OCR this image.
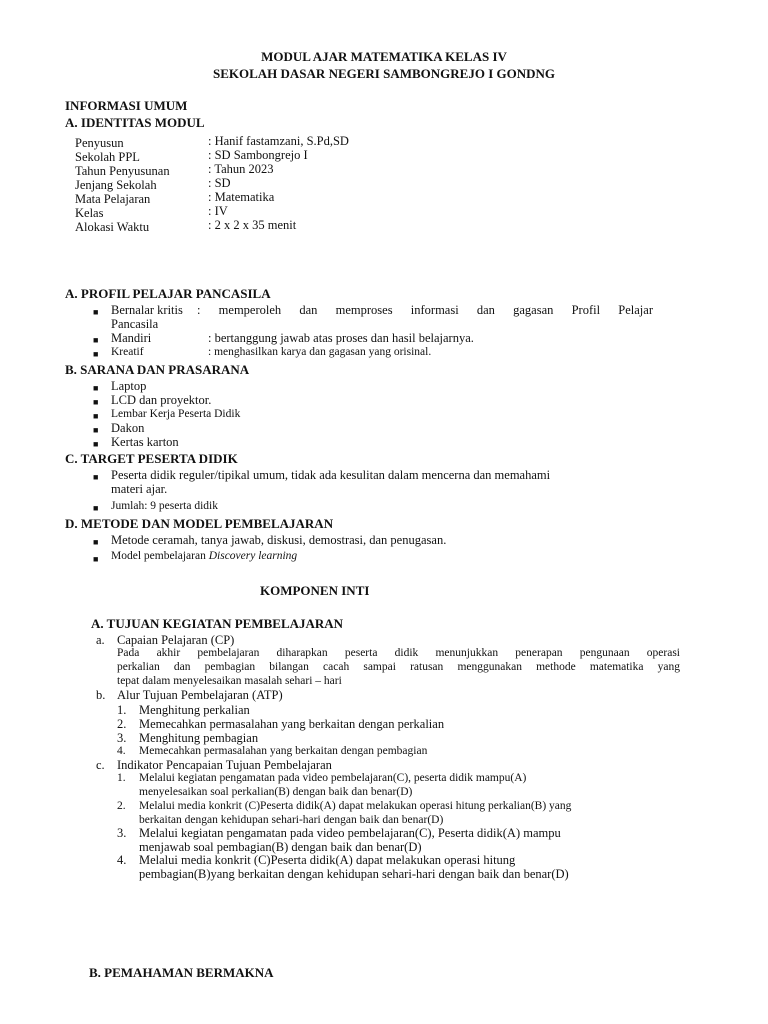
MODUL AJAR MATEMATIKA KELAS IV
SEKOLAH DASAR NEGERI SAMBONGREJO I GONDNG
INFORMASI UMUM
A. IDENTITAS MODUL
Penyusun	: Hanif fastamzani, S.Pd,SD
Sekolah PPL	: SD Sambongrejo I
Tahun Penyusunan	: Tahun 2023
Jenjang Sekolah	: SD
Mata Pelajaran	: Matematika
Kelas	: IV
Alokasi Waktu	: 2 x 2 x 35 menit
A. PROFIL PELAJAR PANCASILA
■ Bernalar kritis : memperoleh dan memproses informasi dan gagasan Profil Pelajar
Pancasila
■ Mandiri	: bertanggung jawab atas proses dan hasil belajarnya.
■ Kreatif	: menghasilkan karya dan gagasan yang orisinal.
B. SARANA DAN PRASARANA
■ Laptop
■ LCD dan proyektor.
■ Lembar Kerja Peserta Didik
■ Dakon
■ Kertas karton
C. TARGET PESERTA DIDIK
■ Peserta didik reguler/tipikal umum, tidak ada kesulitan dalam mencerna dan memahami
materi ajar.
■ Jumlah: 9 peserta didik
D. METODE DAN MODEL PEMBELAJARAN
■ Metode ceramah, tanya jawab, diskusi, demostrasi, dan penugasan.
■ Model pembelajaran Discovery learning
KOMPONEN INTI
A. TUJUAN KEGIATAN PEMBELAJARAN
a. Capaian Pelajaran (CP)
Pada akhir pembelajaran diharapkan peserta didik menunjukkan penerapan pengunaan operasi
perkalian dan pembagian bilangan cacah sampai ratusan menggunakan methode matematika yang
tepat dalam menyelesaikan masalah sehari – hari
b. Alur Tujuan Pembelajaran (ATP)
1. Menghitung perkalian
2. Memecahkan permasalahan yang berkaitan dengan perkalian
3. Menghitung pembagian
4. Memecahkan permasalahan yang berkaitan dengan pembagian
c. Indikator Pencapaian Tujuan Pembelajaran
1. Melalui kegiatan pengamatan pada video pembelajaran(C), peserta didik mampu(A)
menyelesaikan soal perkalian(B) dengan baik dan benar(D)
2. Melalui media konkrit (C)Peserta didik(A) dapat melakukan operasi hitung perkalian(B) yang
berkaitan dengan kehidupan sehari-hari dengan baik dan benar(D)
3. Melalui kegiatan pengamatan pada video pembelajaran(C), Peserta didik(A) mampu
menjawab soal pembagian(B) dengan baik dan benar(D)
4. Melalui media konkrit (C)Peserta didik(A) dapat melakukan operasi hitung
pembagian(B)yang berkaitan dengan kehidupan sehari-hari dengan baik dan benar(D)
B. PEMAHAMAN BERMAKNA
